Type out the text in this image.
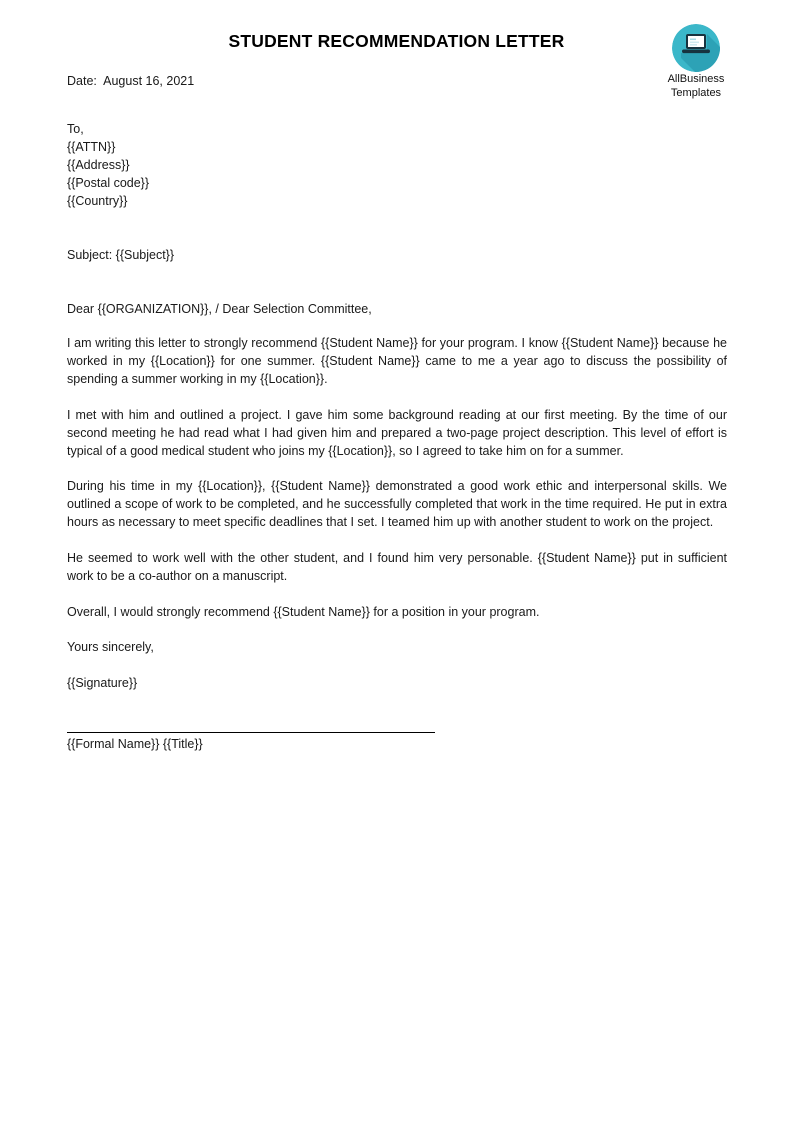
STUDENT RECOMMENDATION LETTER
AllBusiness
Templates

Date:  August 16, 2021

To,

{{ATTN}}

{{Address}}

{{Postal code}}

{{Country}}

Subject: {{Subject}}

Dear {{ORGANIZATION}}, / Dear Selection Committee,

I am writing this letter to strongly recommend {{Student Name}} for your program. I know {{Student Name}} because he worked in my {{Location}} for one summer. {{Student Name}} came to me a year ago to discuss the possibility of spending a summer working in my {{Location}}.

I met with him and outlined a project. I gave him some background reading at our first meeting. By the time of our second meeting he had read what I had given him and prepared a two-page project description. This level of effort is typical of a good medical student who joins my {{Location}}, so I agreed to take him on for a summer.

During his time in my {{Location}}, {{Student Name}} demonstrated a good work ethic and interpersonal skills. We outlined a scope of work to be completed, and he successfully completed that work in the time required. He put in extra hours as necessary to meet specific deadlines that I set. I teamed him up with another student to work on the project.

He seemed to work well with the other student, and I found him very personable. {{Student Name}} put in sufficient work to be a co-author on a manuscript.

Overall, I would strongly recommend {{Student Name}} for a position in your program.

Yours sincerely,

{{Signature}}

{{Formal Name}} {{Title}}
